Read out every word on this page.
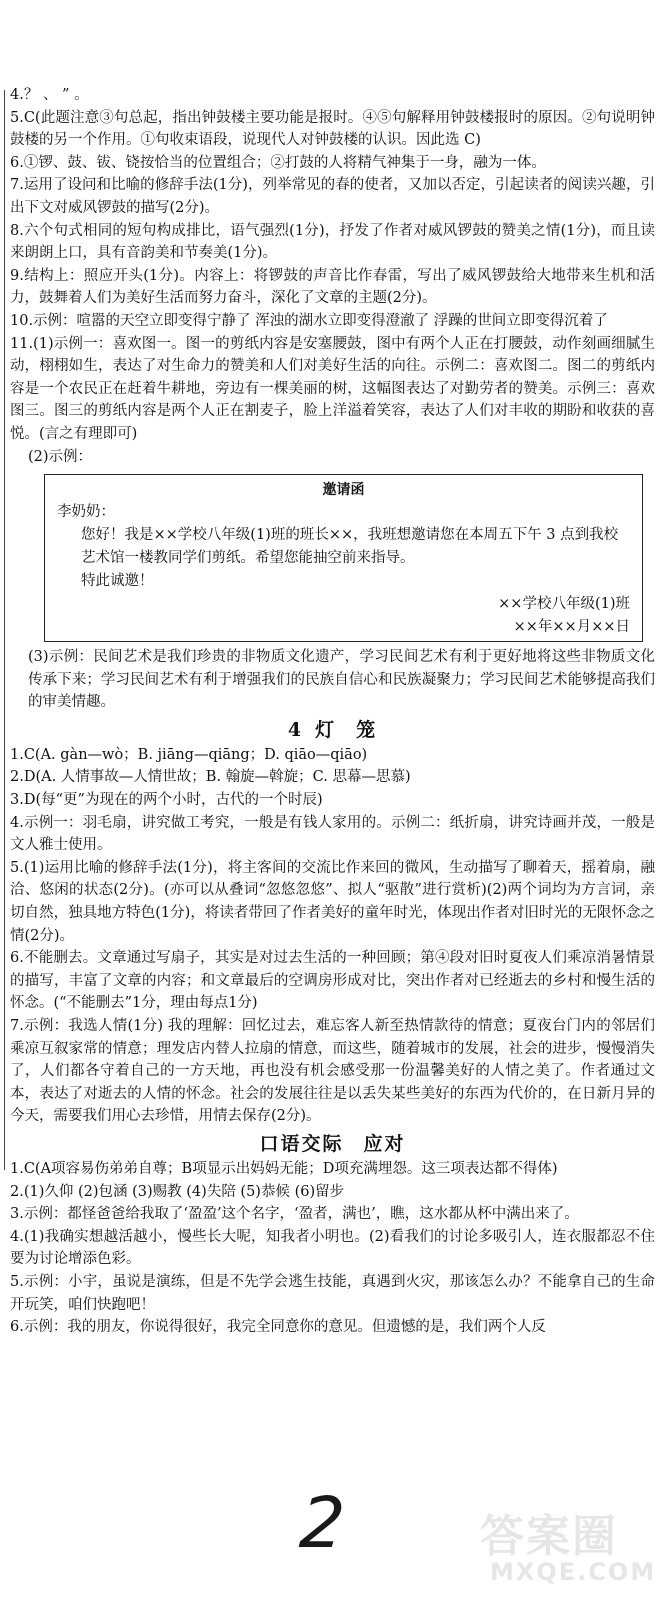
4.？ 、 ” 。

5.C(此题注意③句总起，指出钟鼓楼主要功能是报时。④⑤句解释用钟鼓楼报时的原因。②句说明钟鼓楼的另一个作用。①句收束语段，说现代人对钟鼓楼的认识。因此选 C)

6.①锣、鼓、钹、铙按恰当的位置组合；②打鼓的人将精气神集于一身，融为一体。

7.运用了设问和比喻的修辞手法(1分)，列举常见的春的使者，又加以否定，引起读者的阅读兴趣，引出下文对威风锣鼓的描写(2分)。

8.六个句式相同的短句构成排比，语气强烈(1分)，抒发了作者对威风锣鼓的赞美之情(1分)，而且读来朗朗上口，具有音韵美和节奏美(1分)。

9.结构上：照应开头(1分)。内容上：将锣鼓的声音比作春雷，写出了威风锣鼓给大地带来生机和活力，鼓舞着人们为美好生活而努力奋斗，深化了文章的主题(2分)。

10.示例：喧嚣的天空立即变得宁静了 浑浊的湖水立即变得澄澈了 浮躁的世间立即变得沉着了

11.(1)示例一：喜欢图一。图一的剪纸内容是安塞腰鼓，图中有两个人正在打腰鼓，动作刻画细腻生动，栩栩如生，表达了对生命力的赞美和人们对美好生活的向往。示例二：喜欢图二。图二的剪纸内容是一个农民正在赶着牛耕地，旁边有一棵美丽的树，这幅图表达了对勤劳者的赞美。示例三：喜欢图三。图三的剪纸内容是两个人正在割麦子，脸上洋溢着笑容，表达了人们对丰收的期盼和收获的喜悦。(言之有理即可)

(2)示例：

邀请函
李奶奶：
您好！我是××学校八年级(1)班的班长××，我班想邀请您在本周五下午 3 点到我校艺术馆一楼教同学们剪纸。希望您能抽空前来指导。
特此诚邀！
××学校八年级(1)班
××年××月××日

(3)示例：民间艺术是我们珍贵的非物质文化遗产，学习民间艺术有利于更好地将这些非物质文化传承下来；学习民间艺术有利于增强我们的民族自信心和民族凝聚力；学习民间艺术能够提高我们的审美情趣。

4 灯 笼

1.C(A. gàn—wò；B. jiāng—qiāng；D. qiāo—qiāo)

2.D(A. 人情事故—人情世故；B. 翰旋—斡旋；C. 思幕—思慕)

3.D(每“更”为现在的两个小时，古代的一个时辰)

4.示例一：羽毛扇，讲究做工考究，一般是有钱人家用的。示例二：纸折扇，讲究诗画并茂，一般是文人雅士使用。

5.(1)运用比喻的修辞手法(1分)，将主客间的交流比作来回的微风，生动描写了聊着天，摇着扇，融洽、悠闲的状态(2分)。(亦可以从叠词“忽悠忽悠”、拟人“驱散”进行赏析)(2)两个词均为方言词，亲切自然，独具地方特色(1分)，将读者带回了作者美好的童年时光，体现出作者对旧时光的无限怀念之情(2分)。

6.不能删去。文章通过写扇子，其实是对过去生活的一种回顾；第④段对旧时夏夜人们乘凉消暑情景的描写，丰富了文章的内容；和文章最后的空调房形成对比，突出作者对已经逝去的乡村和慢生活的怀念。(“不能删去”1分，理由每点1分)

7.示例：我选人情(1分) 我的理解：回忆过去，难忘客人新至热情款待的情意；夏夜台门内的邻居们乘凉互叙家常的情意；理发店内替人拉扇的情意，而这些，随着城市的发展，社会的进步，慢慢消失了，人们都各守着自己的一方天地，再也没有机会感受那一份温馨美好的人情之美了。作者通过文本，表达了对逝去的人情的怀念。社会的发展往往是以丢失某些美好的东西为代价的，在日新月异的今天，需要我们用心去珍惜，用情去保存(2分)。

口语交际 应对

1.C(A项容易伤弟弟自尊；B项显示出妈妈无能；D项充满埋怨。这三项表达都不得体)

2.(1)久仰 (2)包涵 (3)赐教 (4)失陪 (5)恭候 (6)留步

3.示例：都怪爸爸给我取了‘盈盈’这个名字，‘盈者，满也’，瞧，这水都从杯中满出来了。

4.(1)我确实想越活越小，慢些长大呢，知我者小明也。(2)看我们的讨论多吸引人，连衣服都忍不住要为讨论增添色彩。

5.示例：小宇，虽说是演练，但是不先学会逃生技能，真遇到火灾，那该怎么办？不能拿自己的生命开玩笑，咱们快跑吧！

6.示例：我的朋友，你说得很好，我完全同意你的意见。但遗憾的是，我们两个人反

2	答案圈
MXQE.COM
